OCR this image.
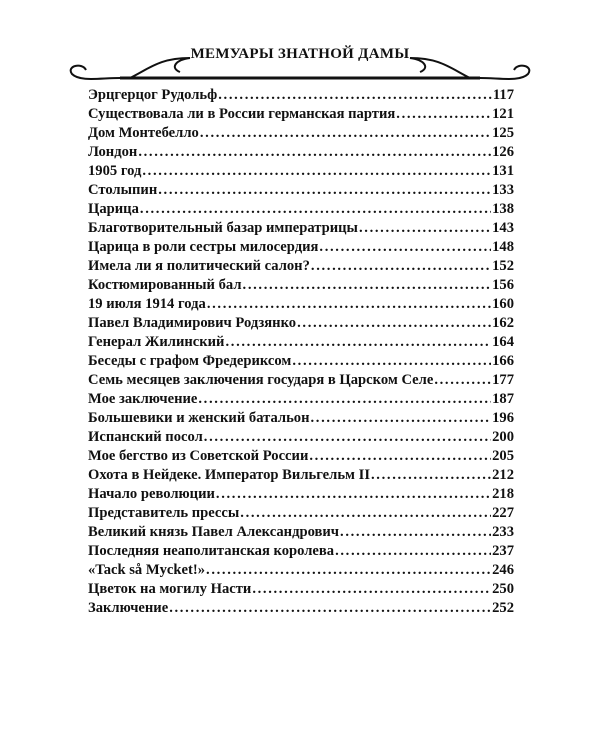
МЕМУАРЫ ЗНАТНОЙ ДАМЫ
Эрцгерцог Рудольф . . .	117
Существовала ли в России германская партия . . .	121
Дом Монтебелло . . .	125
Лондон . . .	126
1905 год . . .	131
Столыпин . . .	133
Царица . . .	138
Благотворительный базар императрицы . . .	143
Царица в роли сестры милосердия . . .	148
Имела ли я политический салон? . . .	152
Костюмированный бал . . .	156
19 июля 1914 года . . .	160
Павел Владимирович Родзянко . . .	162
Генерал Жилинский . . .	164
Беседы с графом Фредериксом . . .	166
Семь месяцев заключения государя в Царском Селе . . .	177
Мое заключение . . .	187
Большевики и женский батальон . . .	196
Испанский посол . . .	200
Мое бегство из Советской России . . .	205
Охота в Нейдеке. Император Вильгельм II . . .	212
Начало революции . . .	218
Представитель прессы . . .	227
Великий князь Павел Александрович . . .	233
Последняя неаполитанская королева . . .	237
«Tack så Mycket!» . . .	246
Цветок на могилу Насти . . .	250
Заключение . . .	252
